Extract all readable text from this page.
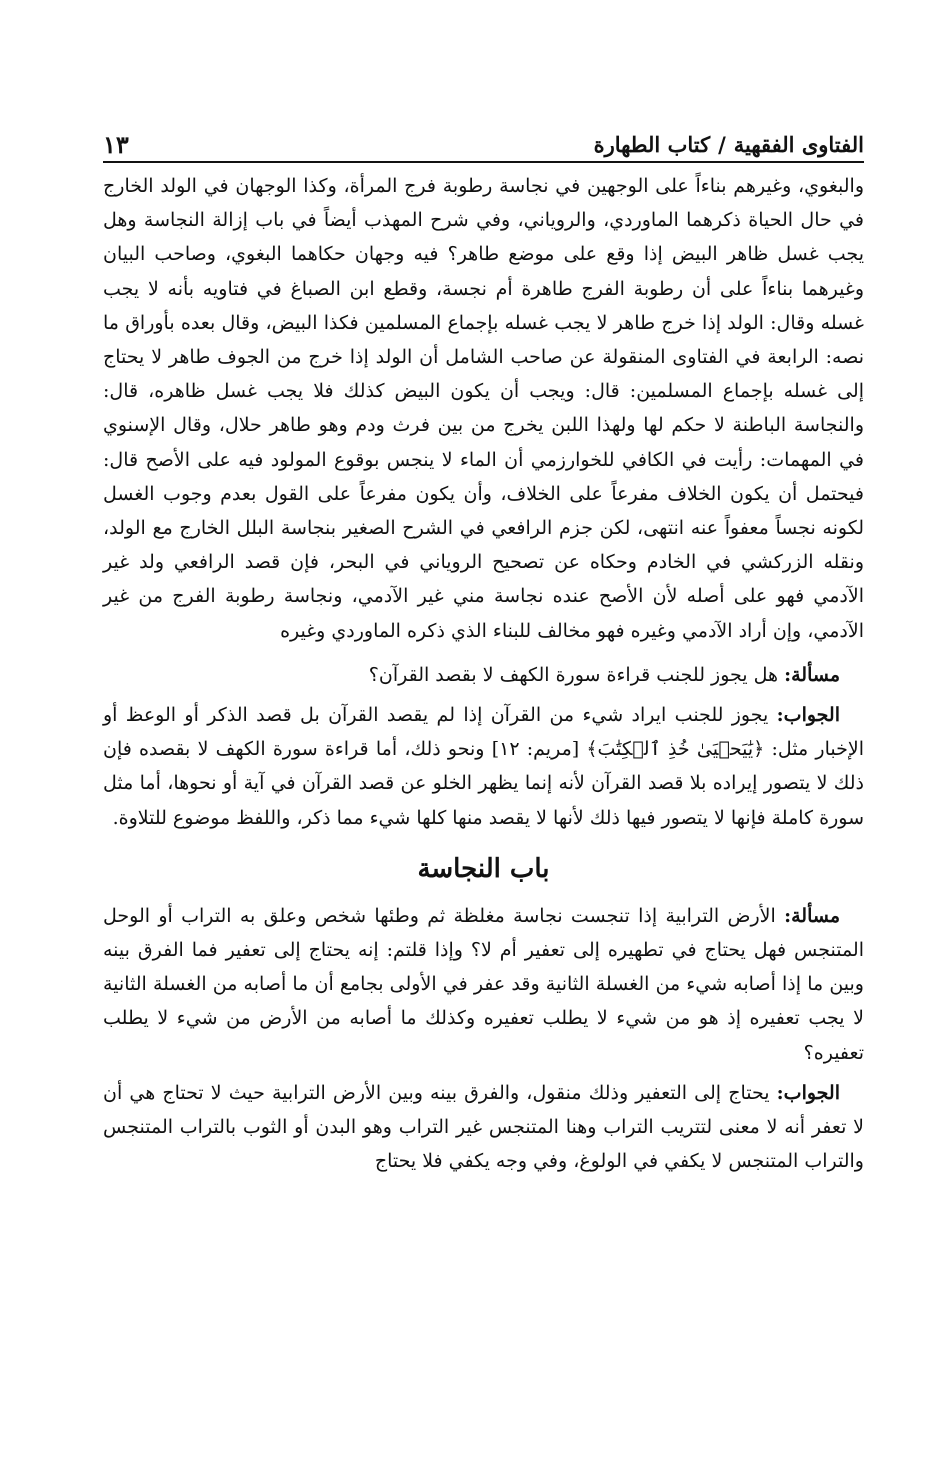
الفتاوى الفقهية/كتاب الطهارة
١٣

والبغوي، وغيرهم بناءاً على الوجهين في نجاسة رطوبة فرج المرأة، وكذا الوجهان في الولد الخارج في حال الحياة ذكرهما الماوردي، والروياني، وفي شرح المهذب أيضاً في باب إزالة النجاسة وهل يجب غسل ظاهر البيض إذا وقع على موضع طاهر؟ فيه وجهان حكاهما البغوي، وصاحب البيان وغيرهما بناءاً على أن رطوبة الفرج طاهرة أم نجسة، وقطع ابن الصباغ في فتاويه بأنه لا يجب غسله وقال: الولد إذا خرج طاهر لا يجب غسله بإجماع المسلمين فكذا البيض، وقال بعده بأوراق ما نصه: الرابعة في الفتاوى المنقولة عن صاحب الشامل أن الولد إذا خرج من الجوف طاهر لا يحتاج إلى غسله بإجماع المسلمين: قال: ويجب أن يكون البيض كذلك فلا يجب غسل ظاهره، قال: والنجاسة الباطنة لا حكم لها ولهذا اللبن يخرج من بين فرث ودم وهو طاهر حلال، وقال الإسنوي في المهمات: رأيت في الكافي للخوارزمي أن الماء لا ينجس بوقوع المولود فيه على الأصح قال: فيحتمل أن يكون الخلاف مفرعاً على الخلاف، وأن يكون مفرعاً على القول بعدم وجوب الغسل لكونه نجساً معفواً عنه انتهى، لكن جزم الرافعي في الشرح الصغير بنجاسة البلل الخارج مع الولد، ونقله الزركشي في الخادم وحكاه عن تصحيح الروياني في البحر، فإن قصد الرافعي ولد غير الآدمي فهو على أصله لأن الأصح عنده نجاسة مني غير الآدمي، ونجاسة رطوبة الفرج من غير الآدمي، وإن أراد الآدمي وغيره فهو مخالف للبناء الذي ذكره الماوردي وغيره

مسألة: هل يجوز للجنب قراءة سورة الكهف لا بقصد القرآن؟

الجواب: يجوز للجنب ايراد شيء من القرآن إذا لم يقصد القرآن بل قصد الذكر أو الوعظ أو الإخبار مثل: ﴿يَٰيَحۡيَىٰ خُذِ ٱلۡكِتَٰبَ﴾ [مريم: ١٢] ونحو ذلك، أما قراءة سورة الكهف لا بقصده فإن ذلك لا يتصور إيراده بلا قصد القرآن لأنه إنما يظهر الخلو عن قصد القرآن في آية أو نحوها، أما مثل سورة كاملة فإنها لا يتصور فيها ذلك لأنها لا يقصد منها كلها شيء مما ذكر، واللفظ موضوع للتلاوة.

باب النجاسة

مسألة: الأرض الترابية إذا تنجست نجاسة مغلظة ثم وطئها شخص وعلق به التراب أو الوحل المتنجس فهل يحتاج في تطهيره إلى تعفير أم لا؟ وإذا قلتم: إنه يحتاج إلى تعفير فما الفرق بينه وبين ما إذا أصابه شيء من الغسلة الثانية وقد عفر في الأولى بجامع أن ما أصابه من الغسلة الثانية لا يجب تعفيره إذ هو من شيء لا يطلب تعفيره وكذلك ما أصابه من الأرض من شيء لا يطلب تعفيره؟

الجواب: يحتاج إلى التعفير وذلك منقول، والفرق بينه وبين الأرض الترابية حيث لا تحتاج هي أن لا تعفر أنه لا معنى لتتريب التراب وهنا المتنجس غير التراب وهو البدن أو الثوب بالتراب المتنجس والتراب المتنجس لا يكفي في الولوغ، وفي وجه يكفي فلا يحتاج
